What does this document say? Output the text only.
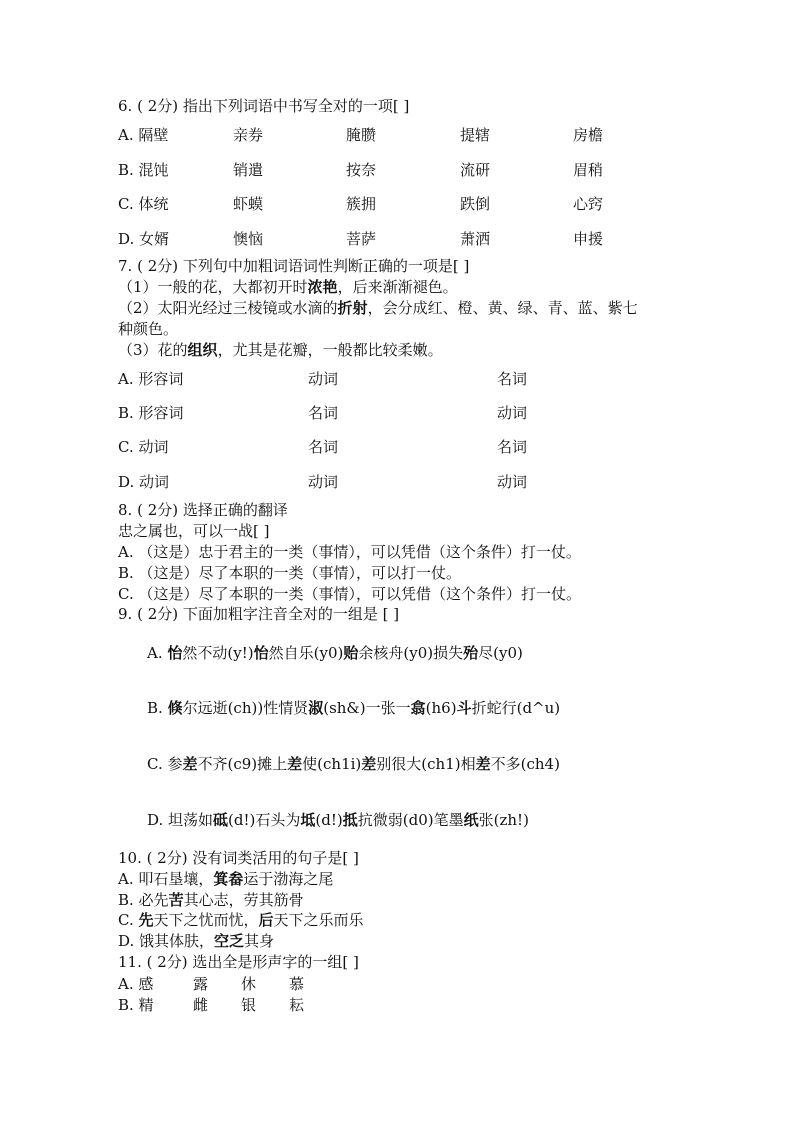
6. ( 2分) 指出下列词语中书写全对的一项[ ]
A. 隔壁	亲券	腌臜	提辖	房檐
B. 混饨	销遣	按奈	流研	眉稍
C. 体统	虾蟆	簇拥	跌倒	心窍
D. 女婿	懊恼	菩萨	萧洒	申援
7. ( 2分) 下列句中加粗词语词性判断正确的一项是[ ]
（1）一般的花，大都初开时浓艳，后来渐渐褪色。
（2）太阳光经过三棱镜或水滴的折射，会分成红、橙、黄、绿、青、蓝、紫七
种颜色。
（3）花的组织，尤其是花瓣，一般都比较柔嫩。
A. 形容词	动词	名词
B. 形容词	名词	动词
C. 动词	名词	名词
D. 动词	动词	动词
8. ( 2分) 选择正确的翻译
忠之属也，可以一战[ ]
A. （这是）忠于君主的一类（事情），可以凭借（这个条件）打一仗。
B. （这是）尽了本职的一类（事情），可以打一仗。
C. （这是）尽了本职的一类（事情），可以凭借（这个条件）打一仗。
9. ( 2分) 下面加粗字注音全对的一组是 [ ]
A. 怡然不动(y!)怡然自乐(y0)贻余核舟(y0)损失殆尽(y0)
B. 倏尔远逝(ch))性情贤淑(sh&)一张一翕(h6)斗折蛇行(d^u)
C. 参差不齐(c9)摊上差使(ch1i)差别很大(ch1)相差不多(ch4)
D. 坦荡如砥(d!)石头为坻(d!)抵抗微弱(d0)笔墨纸张(zh!)
10. ( 2分) 没有词类活用的句子是[ ]
A. 叩石垦壤，箕畚运于渤海之尾
B. 必先苦其心志，劳其筋骨
C. 先天下之忧而忧，后天下之乐而乐
D. 饿其体肤，空乏其身
11. ( 2分) 选出全是形声字的一组[ ]
A. 感	露 休 慕
B. 精	雌 银 耘
